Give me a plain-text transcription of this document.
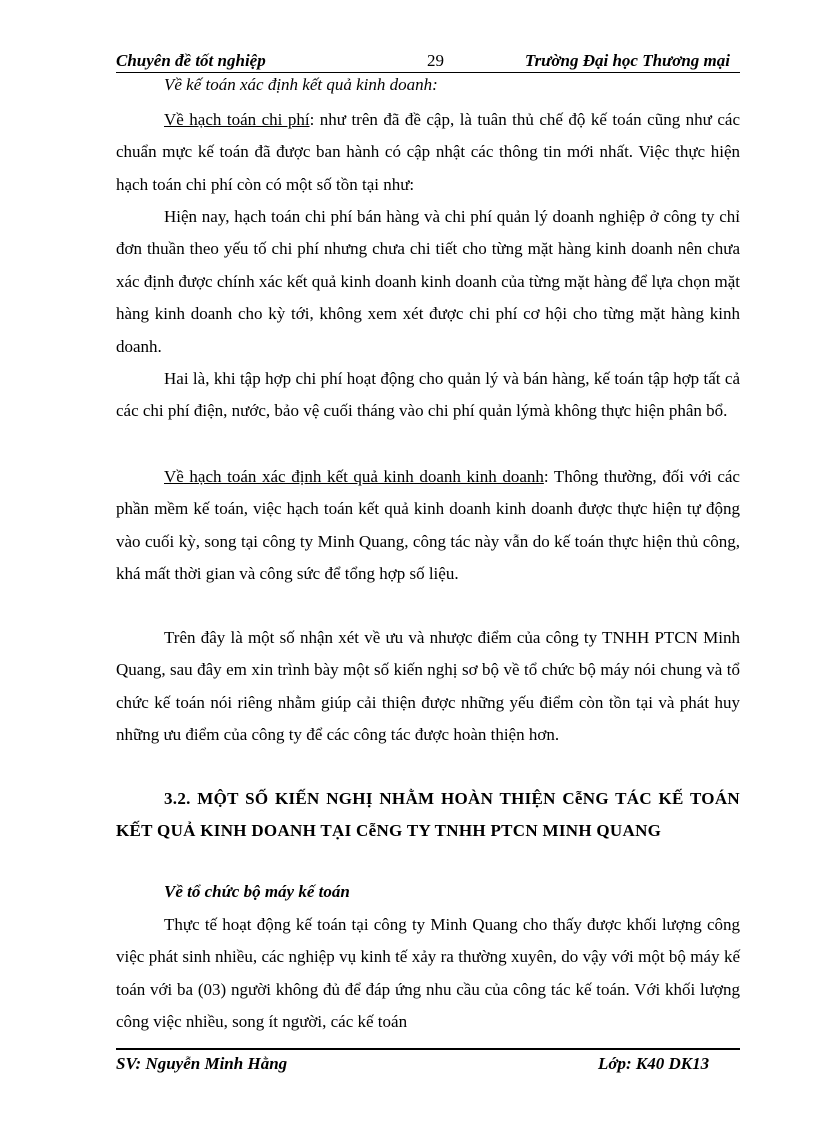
Chuyên đề tốt nghiệp	29	Trường Đại học Thương mại

Về kế toán xác định kết quả kinh doanh:

Về hạch toán chi phí: như trên đã đề cập, là tuân thủ chế độ kế toán cũng như các chuẩn mực kế toán đã được ban hành có cập nhật các thông tin mới nhất. Việc thực hiện hạch toán chi phí còn có một số tồn tại như:

Hiện nay, hạch toán chi phí bán hàng và chi phí quản lý doanh nghiệp ở công ty chỉ đơn thuần theo yếu tố chi phí nhưng chưa chi tiết cho từng mặt hàng kinh doanh nên chưa xác định được chính xác kết quả kinh doanh kinh doanh của từng mặt hàng để lựa chọn mặt hàng kinh doanh cho kỳ tới, không xem xét được chi phí cơ hội cho từng mặt hàng kinh doanh.

Hai là, khi tập hợp chi phí hoạt động cho quản lý và bán hàng, kế toán tập hợp tất cả các chi phí điện, nước, bảo vệ cuối tháng vào chi phí quản lýmà không thực hiện phân bổ.

Về hạch toán xác định kết quả kinh doanh kinh doanh: Thông thường, đối với các phần mềm kế toán, việc hạch toán kết quả kinh doanh kinh doanh được thực hiện tự động vào cuối kỳ, song tại công ty Minh Quang, công tác này vẫn do kế toán thực hiện thủ công, khá mất thời gian và công sức để tổng hợp số liệu.

Trên đây là một số nhận xét về ưu và nhược điểm của công ty TNHH PTCN Minh Quang, sau đây em xin trình bày một số kiến nghị sơ bộ về tổ chức bộ máy nói chung và tổ chức kế toán nói riêng nhằm giúp cải thiện được những yếu điểm còn tồn tại và phát huy những ưu điểm của công ty để các công tác được hoàn thiện hơn.

3.2. MỘT SỐ KIẾN NGHỊ NHẰM HOÀN THIỆN CễNG TÁC KẾ TOÁN KẾT QUẢ KINH DOANH TẠI CễNG TY TNHH PTCN MINH QUANG

Về tổ chức bộ máy kế toán

Thực tế hoạt động kế toán tại công ty Minh Quang cho thấy được khối lượng công việc phát sinh nhiều, các nghiệp vụ kinh tế xảy ra thường xuyên, do vậy với một bộ máy kế toán với ba (03) người không đủ để đáp ứng nhu cầu của công tác kế toán. Với khối lượng công việc nhiều, song ít người, các kế toán

SV: Nguyễn Minh Hằng	Lớp: K40 DK13
